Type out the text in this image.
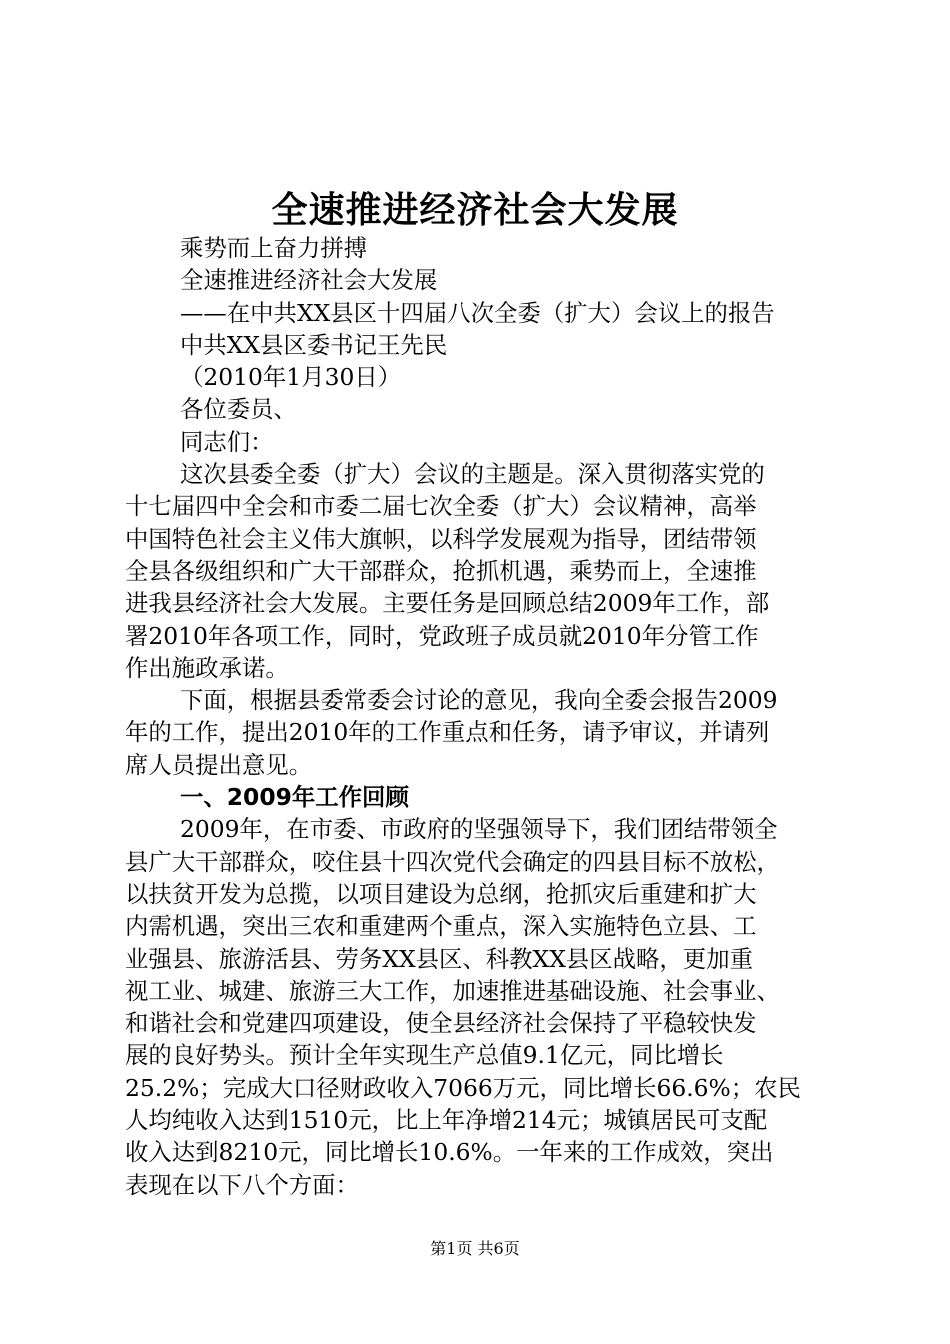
全速推进经济社会大发展
乘势而上奋力拼搏
全速推进经济社会大发展
——在中共XX县区十四届八次全委（扩大）会议上的报告
中共XX县区委书记王先民
（2010年1月30日）
各位委员、
同志们：
这次县委全委（扩大）会议的主题是。深入贯彻落实党的
十七届四中全会和市委二届七次全委（扩大）会议精神，高举
中国特色社会主义伟大旗帜，以科学发展观为指导，团结带领
全县各级组织和广大干部群众，抢抓机遇，乘势而上，全速推
进我县经济社会大发展。主要任务是回顾总结2009年工作，部
署2010年各项工作，同时，党政班子成员就2010年分管工作
作出施政承诺。
下面，根据县委常委会讨论的意见，我向全委会报告2009
年的工作，提出2010年的工作重点和任务，请予审议，并请列
席人员提出意见。
一、2009年工作回顾
2009年，在市委、市政府的坚强领导下，我们团结带领全
县广大干部群众，咬住县十四次党代会确定的四县目标不放松，
以扶贫开发为总揽，以项目建设为总纲，抢抓灾后重建和扩大
内需机遇，突出三农和重建两个重点，深入实施特色立县、工
业强县、旅游活县、劳务XX县区、科教XX县区战略，更加重
视工业、城建、旅游三大工作，加速推进基础设施、社会事业、
和谐社会和党建四项建设，使全县经济社会保持了平稳较快发
展的良好势头。预计全年实现生产总值9.1亿元，同比增长
25.2%；完成大口径财政收入7066万元，同比增长66.6%；农民
人均纯收入达到1510元，比上年净增214元；城镇居民可支配
收入达到8210元，同比增长10.6%。一年来的工作成效，突出
表现在以下八个方面：
第1页 共6页
